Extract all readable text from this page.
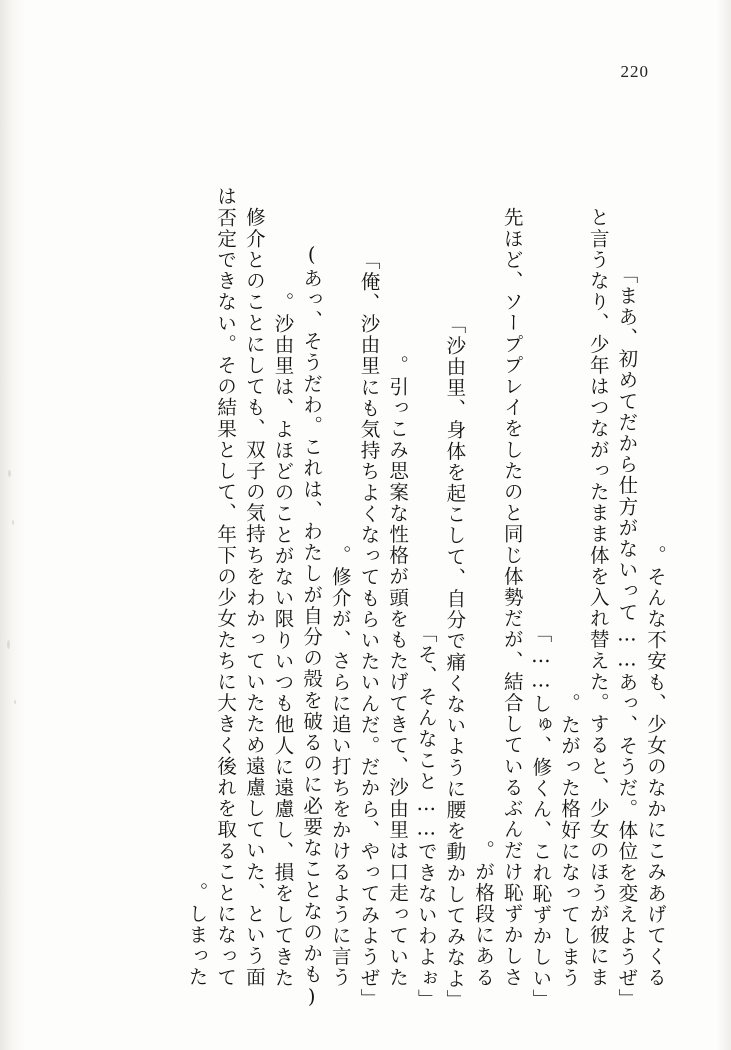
220
そんな不安も、少女のなかにこみあげてくる。
「まあ、初めてだから仕方がないって……あっ、そうだ。体位を変えようぜ」
と言うなり、少年はつながったまま体を入れ替えた。すると、少女のほうが彼にま
たがった格好になってしまう。
「しゅ、修くん、これ恥ずかしい……」
先ほど、ソーププレイをしたのと同じ体勢だが、結合しているぶんだけ恥ずかしさ
が格段にある。
「沙由里、身体を起こして、自分で痛くないように腰を動かしてみなよ」
「そ、そんなこと……できないわよぉ」
引っこみ思案な性格が頭をもたげてきて、沙由里は口走っていた。
「俺、沙由里にも気持ちよくなってもらいたいんだ。だから、やってみようぜ」
修介が、さらに追い打ちをかけるように言う。
(あっ、そうだわ。これは、わたしが自分の殻を破るのに必要なことなのかも)
沙由里は、よほどのことがない限りいつも他人に遠慮し、損をしてきた。
修介とのことにしても、双子の気持ちをわかっていたため遠慮していた、という面
は否定できない。その結果として、年下の少女たちに大きく後れを取ることになって
しまった。
